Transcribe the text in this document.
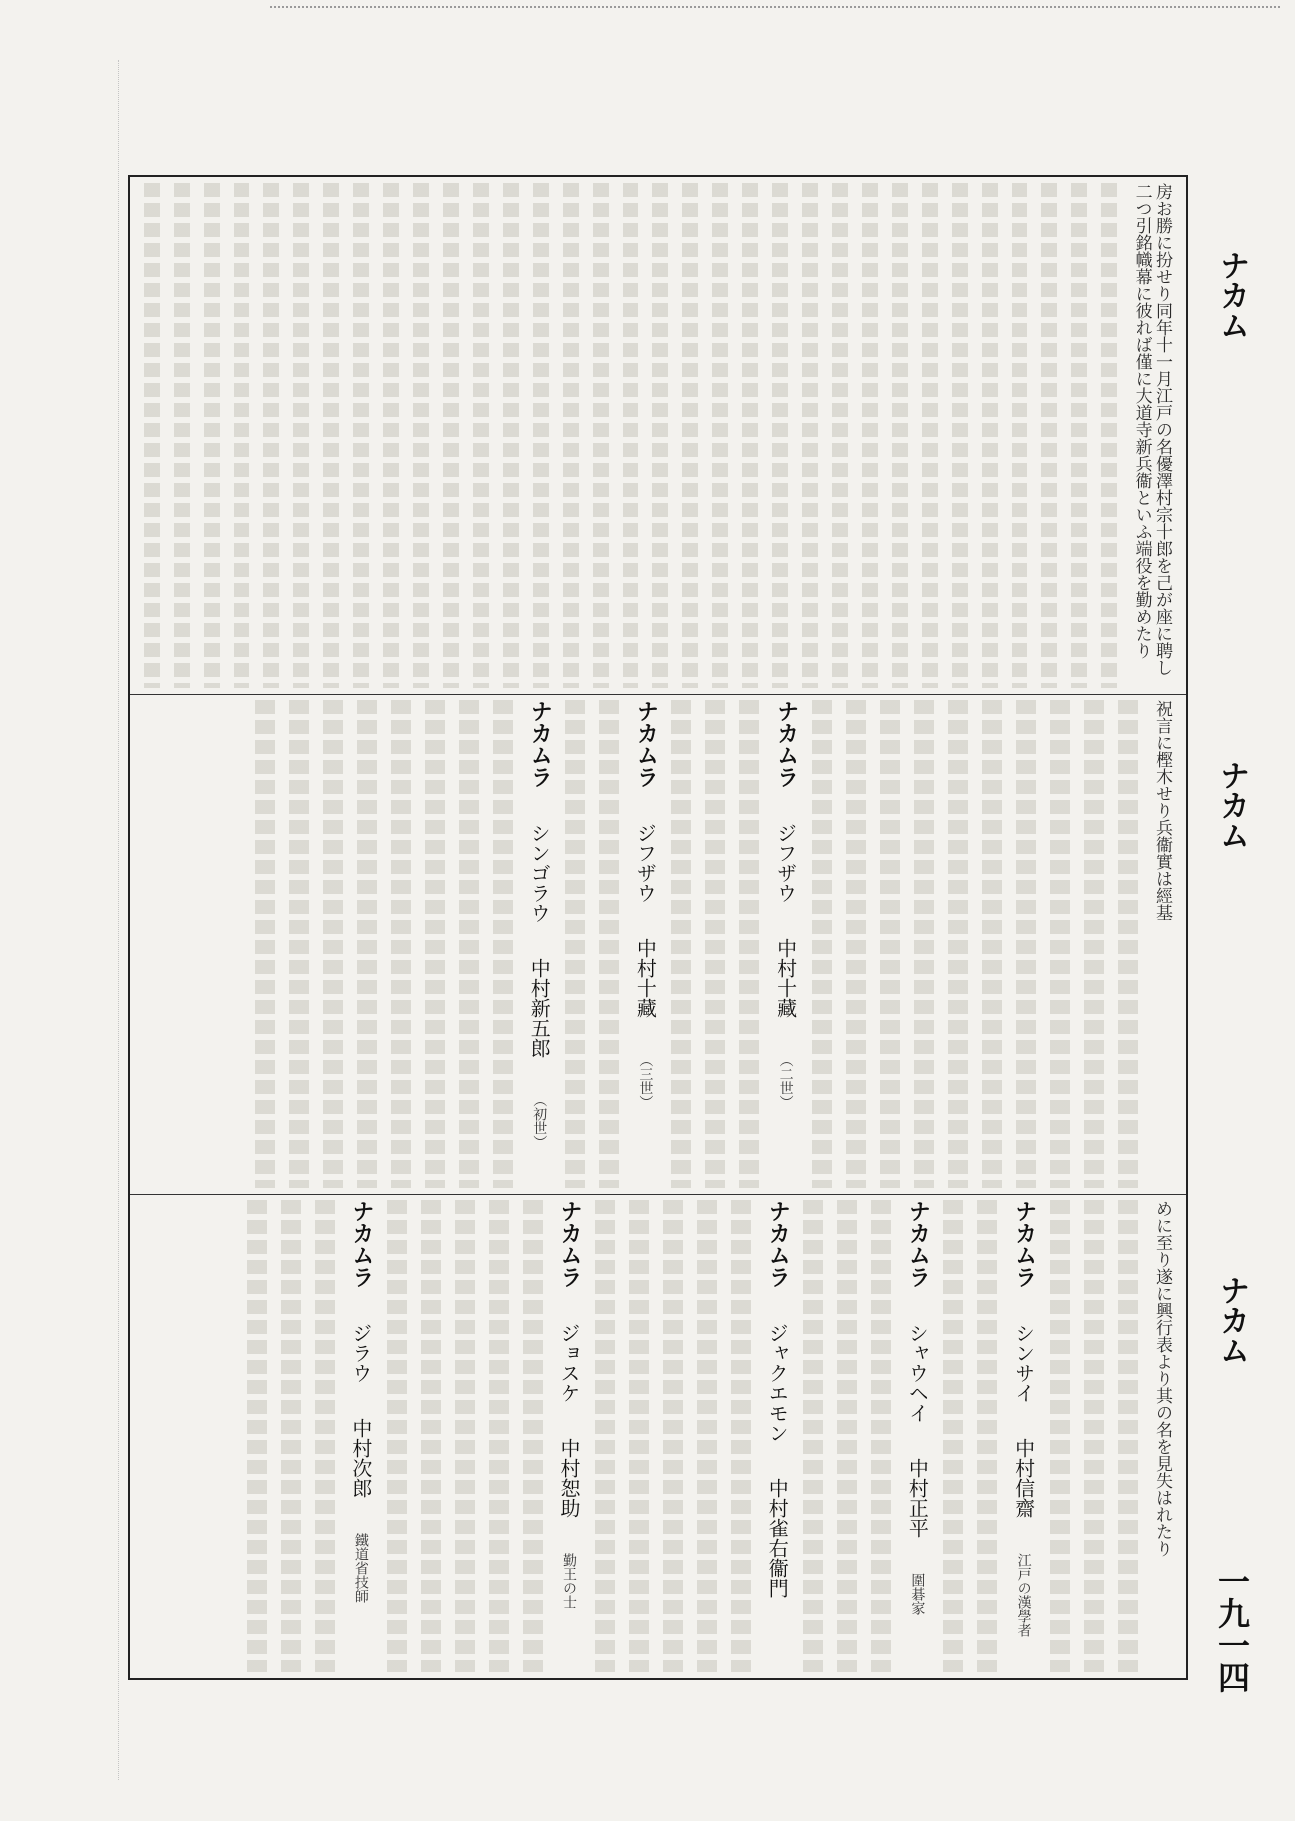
房お勝に扮せり同年十一月江戸の名優澤村宗十郎を己が座に聘し二つ引銘幟幕に彼れば僅に大道寺新兵衞といふ端役を勤めたり
祝言に樫木せり兵衞實は經基
ナカムラ ジフザウ 中村十藏 （二世）
ナカムラ ジフザウ 中村十藏 （三世）
ナカムラ シンゴラウ 中村新五郎 （初世）
めに至り遂に興行表より其の名を見失はれたり
ナカムラ シンサイ 中村信齋 江戸の漢學者
ナカムラ シャウヘイ 中村正平 圍碁家
ナカムラ ジャクエモン 中村雀右衞門
ナカムラ ジョスケ 中村恕助 勤王の士
ナカムラ ジラウ 中村次郎 鐵道省技師
ナカム
ナカム
ナカム
一九一四
